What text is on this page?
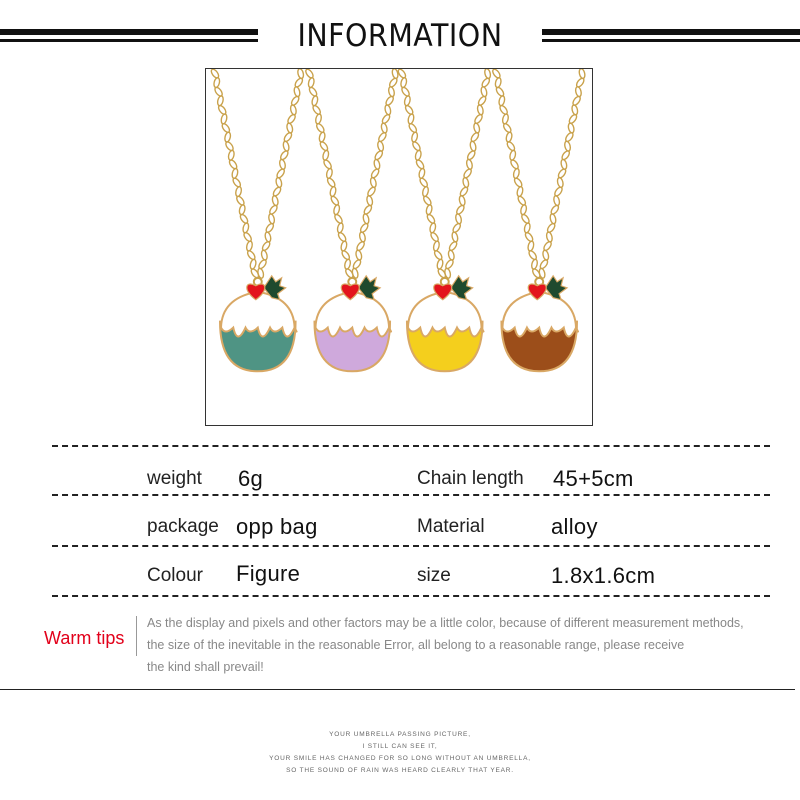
INFORMATION
weight 6g	Chain length 45+5cm
package opp bag	Material	alloy
Colour Figure	size	1.8x1.6cm
Warm tips
As the display and pixels and other factors may be a little color, because of different measurement methods,
the size of the inevitable in the reasonable Error, all belong to a reasonable range, please receive
the kind shall prevail!
YOUR UMBRELLA PASSING PICTURE,
I STILL CAN SEE IT,
YOUR SMILE HAS CHANGED FOR SO LONG WITHOUT AN UMBRELLA,
SO THE SOUND OF RAIN WAS HEARD CLEARLY THAT YEAR.
